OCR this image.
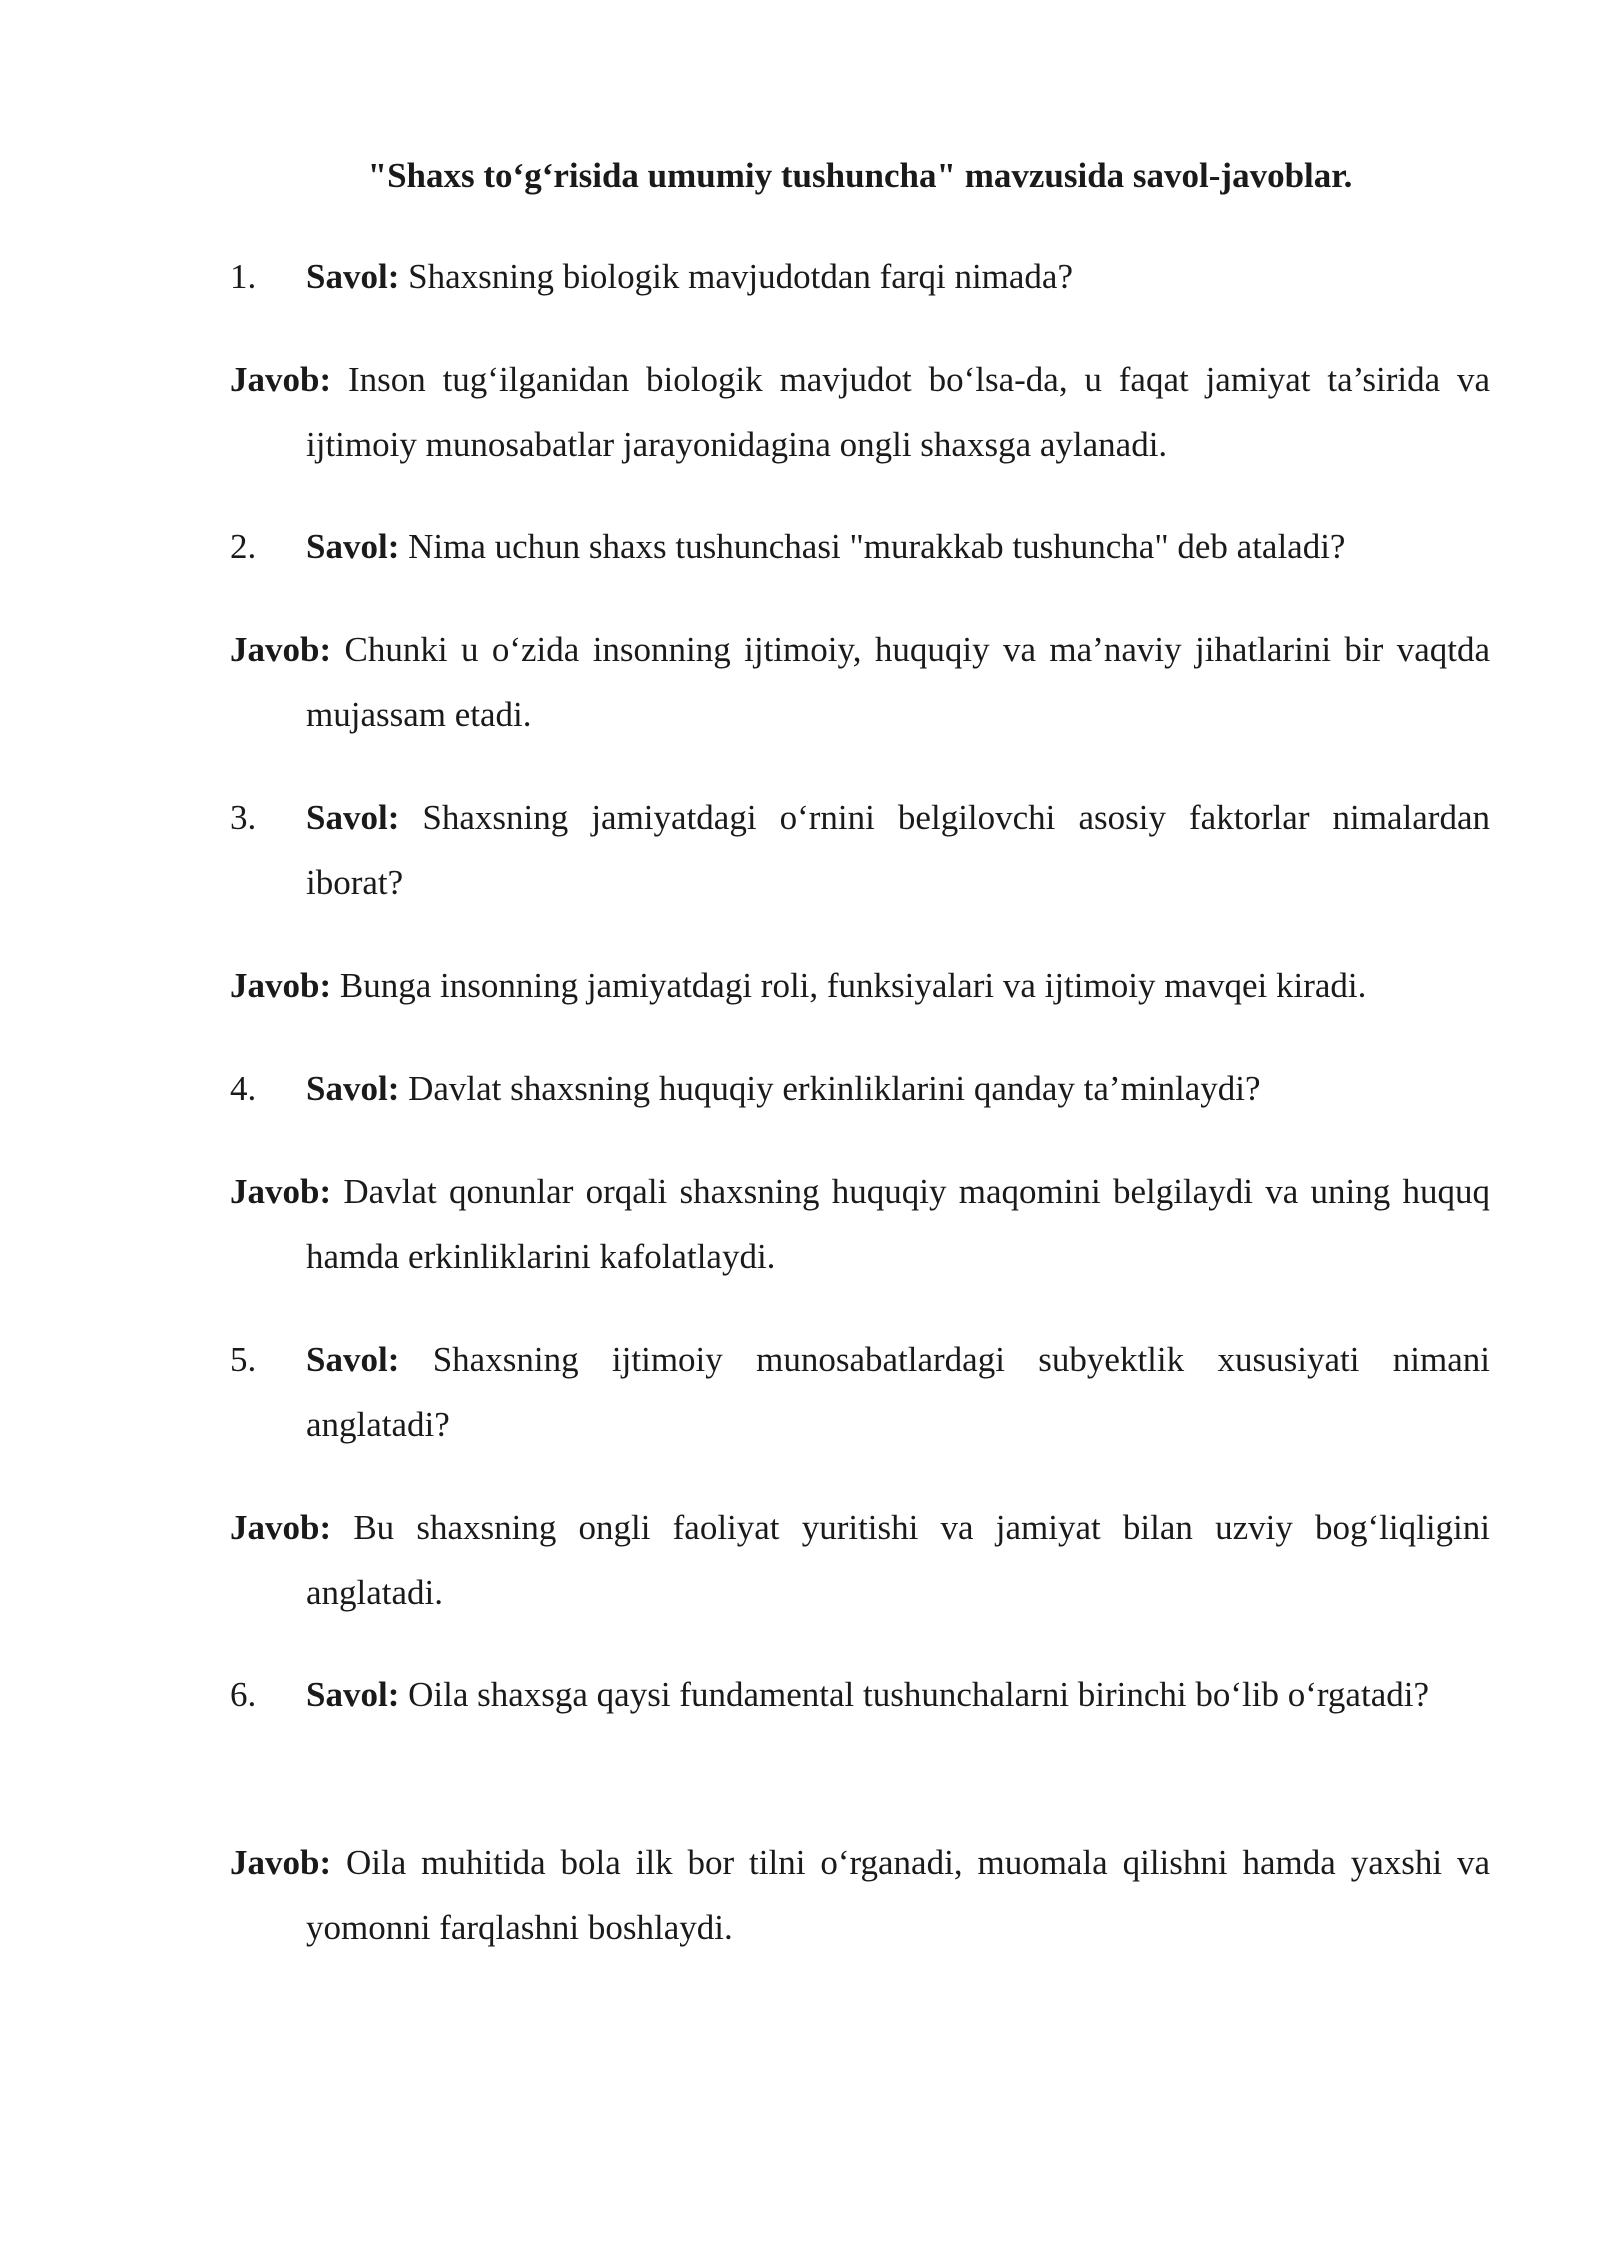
"Shaxs to‘g‘risida umumiy tushuncha" mavzusida savol-javoblar.
1. Savol: Shaxsning biologik mavjudotdan farqi nimada?
Javob: Inson tug‘ilganidan biologik mavjudot bo‘lsa-da, u faqat jamiyat ta’sirida va ijtimoiy munosabatlar jarayonidagina ongli shaxsga aylanadi.
2. Savol: Nima uchun shaxs tushunchasi "murakkab tushuncha" deb ataladi?
Javob: Chunki u o‘zida insonning ijtimoiy, huquqiy va ma’naviy jihatlarini bir vaqtda mujassam etadi.
3. Savol: Shaxsning jamiyatdagi o‘rnini belgilovchi asosiy faktorlar nimalardan iborat?
Javob: Bunga insonning jamiyatdagi roli, funksiyalari va ijtimoiy mavqei kiradi.
4. Savol: Davlat shaxsning huquqiy erkinliklarini qanday ta’minlaydi?
Javob: Davlat qonunlar orqali shaxsning huquqiy maqomini belgilaydi va uning huquq hamda erkinliklarini kafolatlaydi.
5. Savol: Shaxsning ijtimoiy munosabatlardagi subyektlik xususiyati nimani anglatadi?
Javob: Bu shaxsning ongli faoliyat yuritishi va jamiyat bilan uzviy bog‘liqligini anglatadi.
6. Savol: Oila shaxsga qaysi fundamental tushunchalarni birinchi bo‘lib o‘rgatadi?
Javob: Oila muhitida bola ilk bor tilni o‘rganadi, muomala qilishni hamda yaxshi va yomonni farqlashni boshlaydi.
